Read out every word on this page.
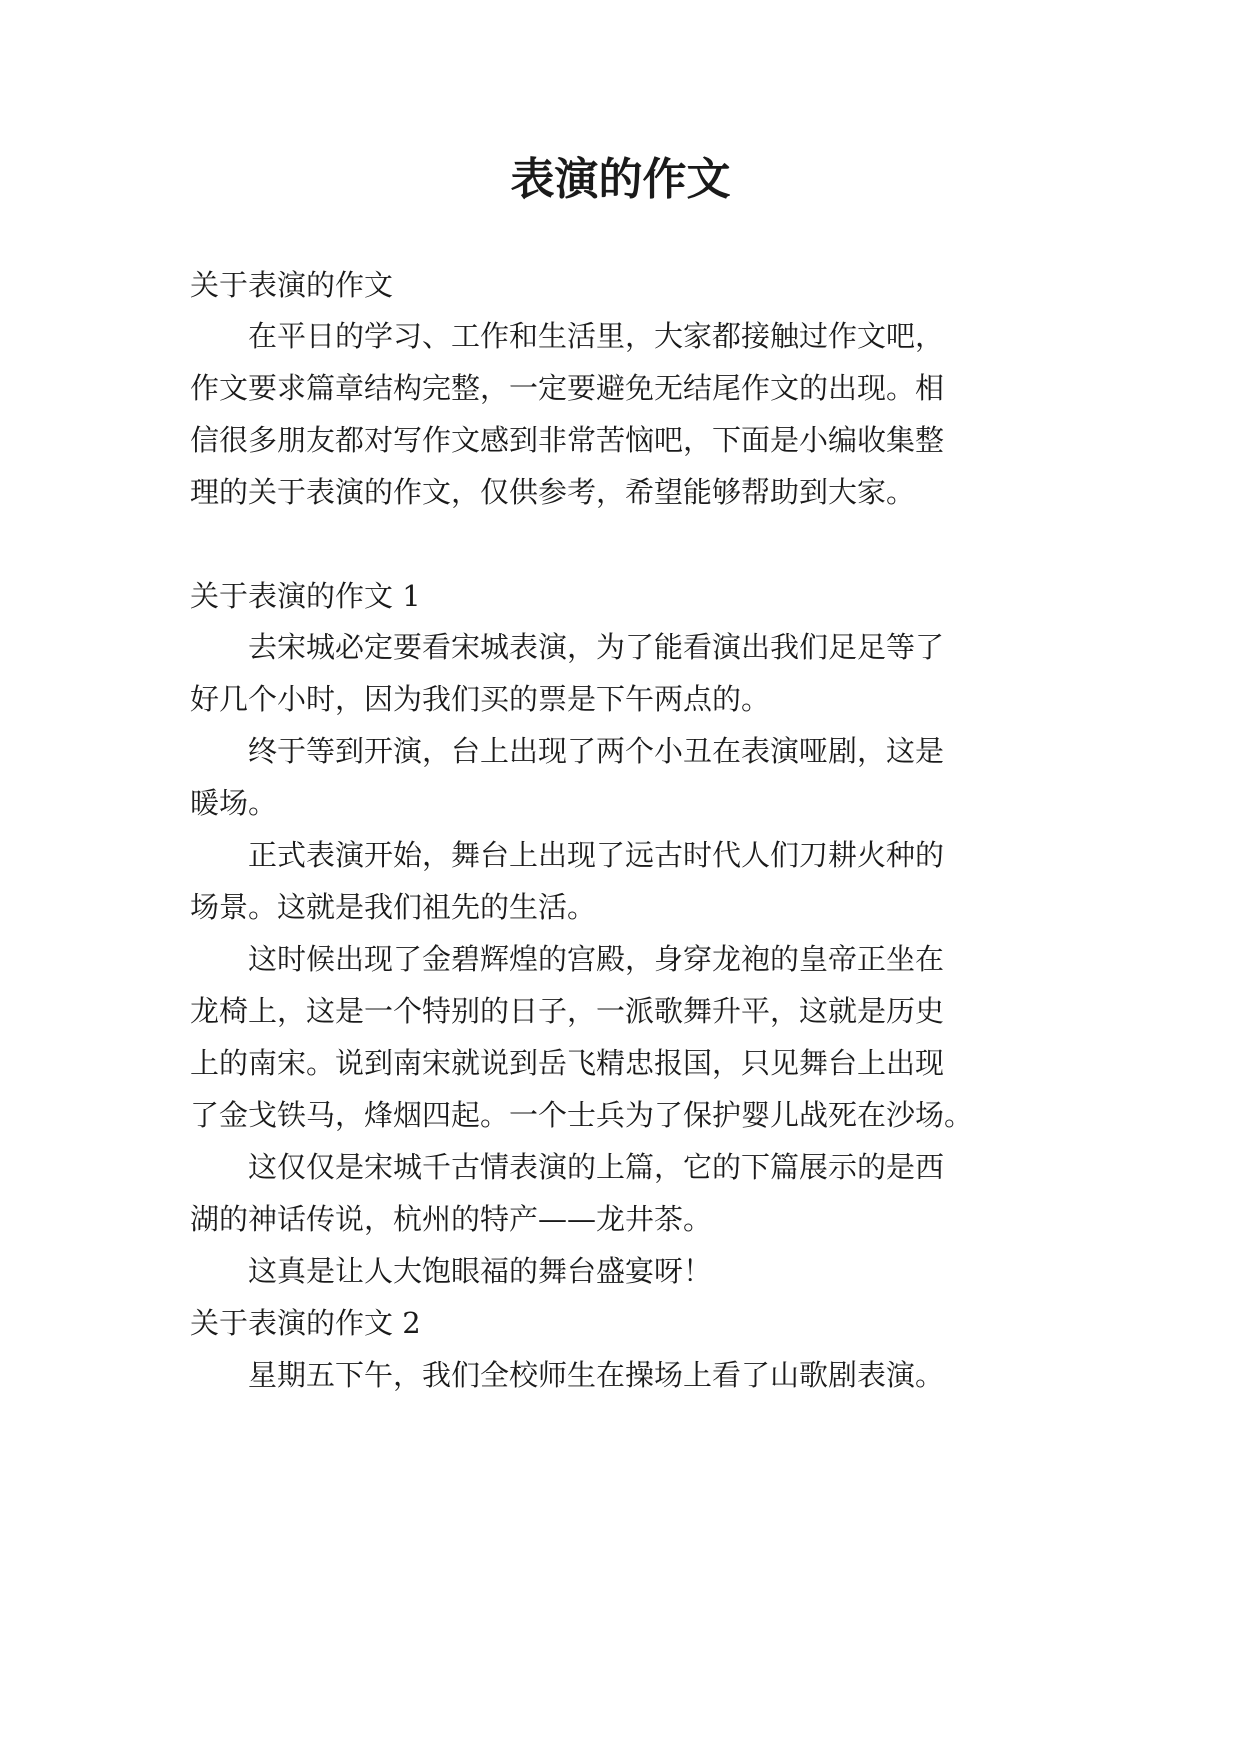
表演的作文

关于表演的作文

　　在平日的学习、工作和生活里，大家都接触过作文吧，

作文要求篇章结构完整，一定要避免无结尾作文的出现。相

信很多朋友都对写作文感到非常苦恼吧，下面是小编收集整

理的关于表演的作文，仅供参考，希望能够帮助到大家。

关于表演的作文 1

　　去宋城必定要看宋城表演，为了能看演出我们足足等了

好几个小时，因为我们买的票是下午两点的。

　　终于等到开演，台上出现了两个小丑在表演哑剧，这是

暖场。

　　正式表演开始，舞台上出现了远古时代人们刀耕火种的

场景。这就是我们祖先的生活。

　　这时候出现了金碧辉煌的宫殿，身穿龙袍的皇帝正坐在

龙椅上，这是一个特别的日子，一派歌舞升平，这就是历史

上的南宋。说到南宋就说到岳飞精忠报国，只见舞台上出现

了金戈铁马，烽烟四起。一个士兵为了保护婴儿战死在沙场。

　　这仅仅是宋城千古情表演的上篇，它的下篇展示的是西

湖的神话传说，杭州的特产——龙井茶。

　　这真是让人大饱眼福的舞台盛宴呀！

关于表演的作文 2

　　星期五下午，我们全校师生在操场上看了山歌剧表演。
